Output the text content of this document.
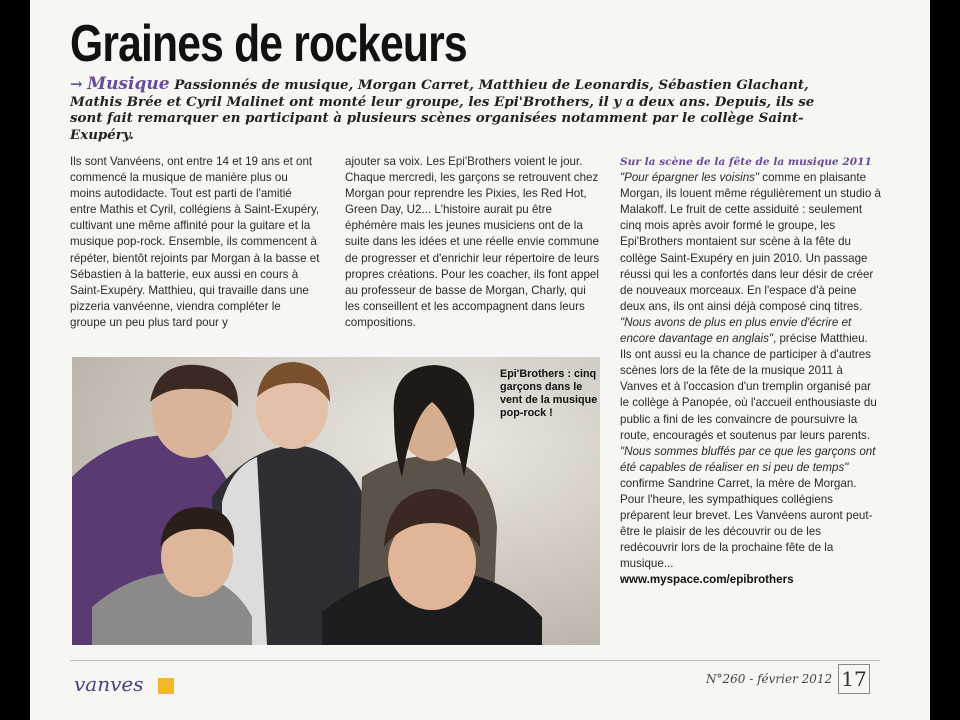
Graines de rockeurs

→ Musique Passionnés de musique, Morgan Carret, Matthieu de Leonardis, Sébastien Glachant, Mathis Brée et Cyril Malinet ont monté leur groupe, les Epi'Brothers, il y a deux ans. Depuis, ils se sont fait remarquer en participant à plusieurs scènes organisées notamment par le collège Saint-Exupéry.

Ils sont Vanvéens, ont entre 14 et 19 ans et ont commencé la musique de manière plus ou moins autodidacte. Tout est parti de l'amitié entre Mathis et Cyril, collégiens à Saint-Exupéry, cultivant une même affinité pour la guitare et la musique pop-rock. Ensemble, ils commencent à répéter, bientôt rejoints par Morgan à la basse et Sébastien à la batterie, eux aussi en cours à Saint-Exupéry. Matthieu, qui travaille dans une pizzeria vanvéenne, viendra compléter le groupe un peu plus tard pour y

ajouter sa voix. Les Epi'Brothers voient le jour. Chaque mercredi, les garçons se retrouvent chez Morgan pour reprendre les Pixies, les Red Hot, Green Day, U2... L'histoire aurait pu être éphémère mais les jeunes musiciens ont de la suite dans les idées et une réelle envie commune de progresser et d'enrichir leur répertoire de leurs propres créations. Pour les coacher, ils font appel au professeur de basse de Morgan, Charly, qui les conseillent et les accompagnent dans leurs compositions.

Sur la scène de la fête de la musique 2011
"Pour épargner les voisins" comme en plaisante Morgan, ils louent même régulièrement un studio à Malakoff. Le fruit de cette assiduité : seulement cinq mois après avoir formé le groupe, les Epi'Brothers montaient sur scène à la fête du collège Saint-Exupéry en juin 2010. Un passage réussi qui les a confortés dans leur désir de créer de nouveaux morceaux. En l'espace d'à peine deux ans, ils ont ainsi déjà composé cinq titres. "Nous avons de plus en plus envie d'écrire et encore davantage en anglais", précise Matthieu. Ils ont aussi eu la chance de participer à d'autres scènes lors de la fête de la musique 2011 à Vanves et à l'occasion d'un tremplin organisé par le collège à Panopée, où l'accueil enthousiaste du public a fini de les convaincre de poursuivre la route, encouragés et soutenus par leurs parents. "Nous sommes bluffés par ce que les garçons ont été capables de réaliser en si peu de temps" confirme Sandrine Carret, la mère de Morgan. Pour l'heure, les sympathiques collégiens préparent leur brevet. Les Vanvéens auront peut-être le plaisir de les découvrir ou de les redécouvrir lors de la prochaine fête de la musique...
www.myspace.com/epibrothers

Epi'Brothers : cinq garçons dans le vent de la musique pop-rock !

vanves	N°260 - février 2012 17
